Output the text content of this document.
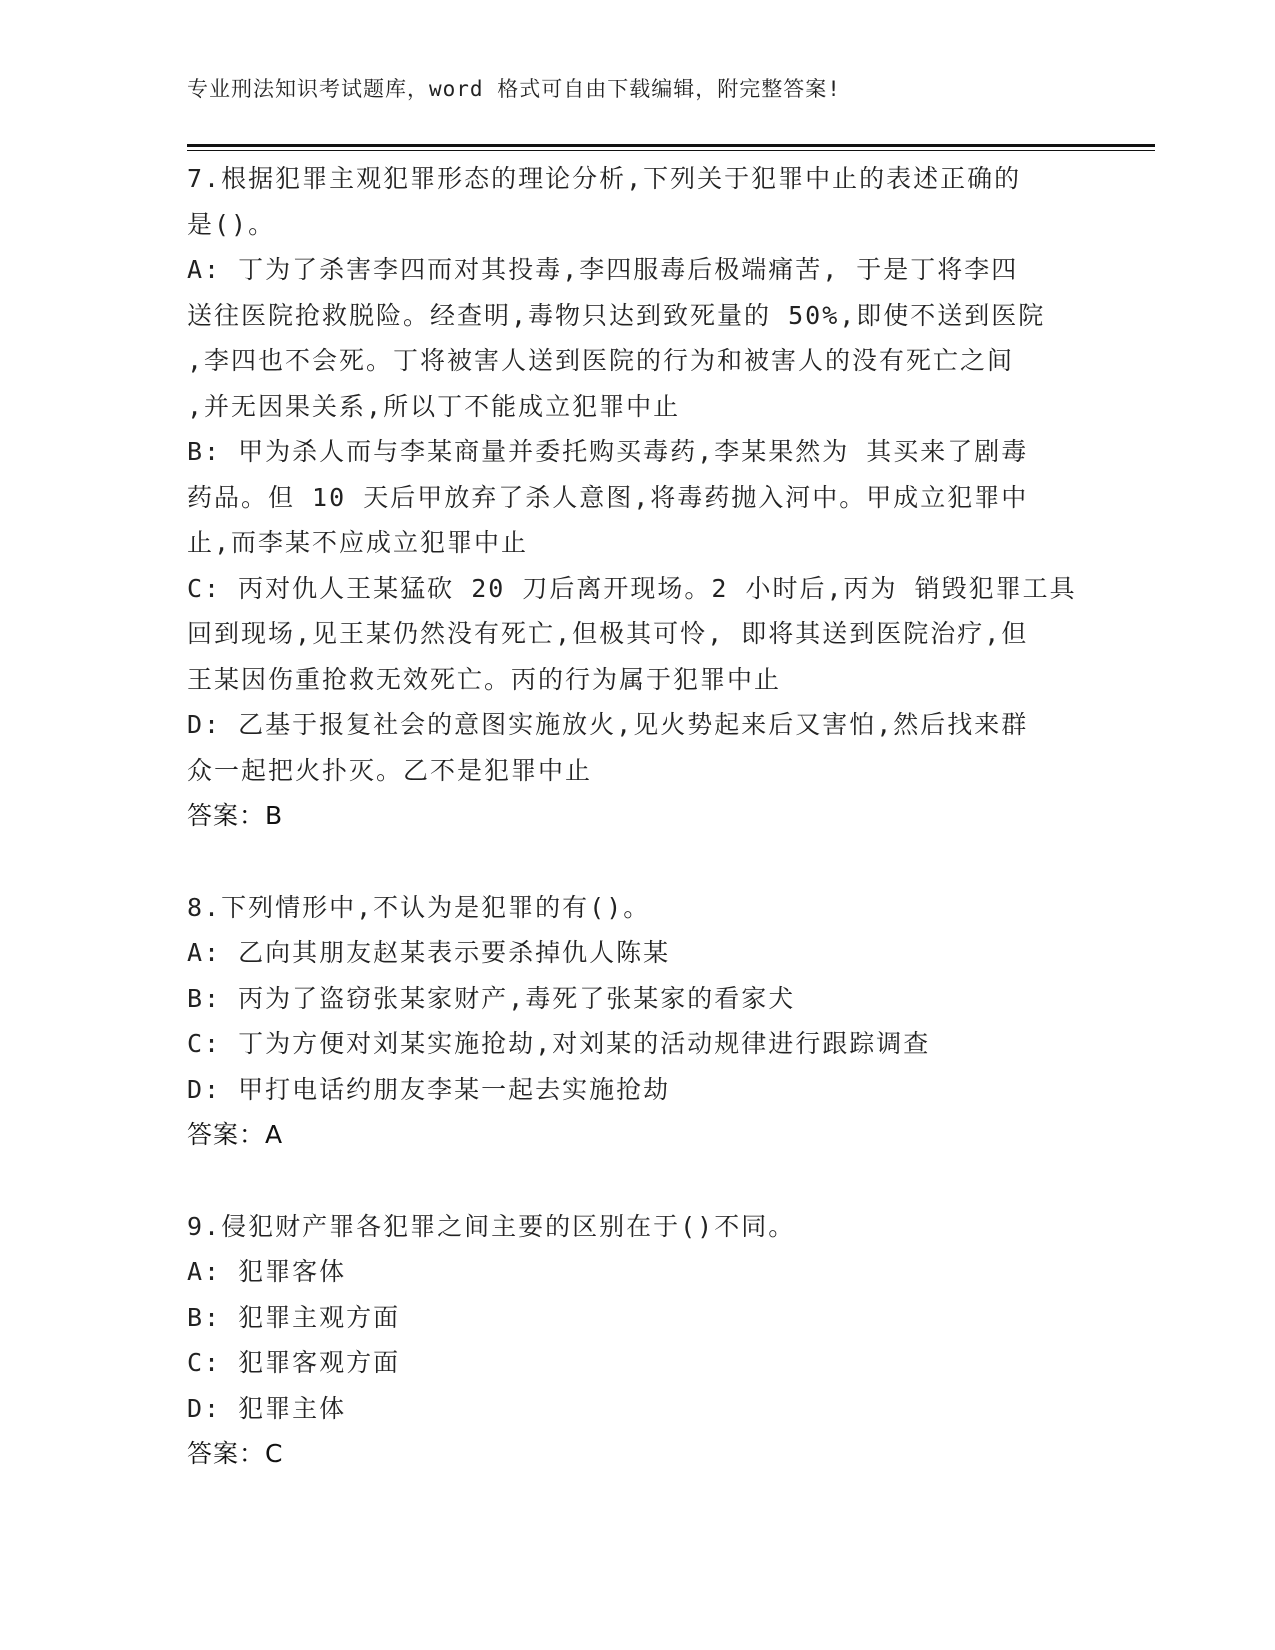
专业刑法知识考试题库，word 格式可自由下载编辑，附完整答案!
7.根据犯罪主观犯罪形态的理论分析,下列关于犯罪中止的表述正确的
是()。
A: 丁为了杀害李四而对其投毒,李四服毒后极端痛苦, 于是丁将李四
送往医院抢救脱险。经查明,毒物只达到致死量的 50%,即使不送到医院
,李四也不会死。丁将被害人送到医院的行为和被害人的没有死亡之间
,并无因果关系,所以丁不能成立犯罪中止
B: 甲为杀人而与李某商量并委托购买毒药,李某果然为 其买来了剧毒
药品。但 10 天后甲放弃了杀人意图,将毒药抛入河中。甲成立犯罪中
止,而李某不应成立犯罪中止
C: 丙对仇人王某猛砍 20 刀后离开现场。2 小时后,丙为 销毁犯罪工具
回到现场,见王某仍然没有死亡,但极其可怜, 即将其送到医院治疗,但
王某因伤重抢救无效死亡。丙的行为属于犯罪中止
D: 乙基于报复社会的意图实施放火,见火势起来后又害怕,然后找来群
众一起把火扑灭。乙不是犯罪中止
答案：B
8.下列情形中,不认为是犯罪的有()。
A: 乙向其朋友赵某表示要杀掉仇人陈某
B: 丙为了盗窃张某家财产,毒死了张某家的看家犬
C: 丁为方便对刘某实施抢劫,对刘某的活动规律进行跟踪调查
D: 甲打电话约朋友李某一起去实施抢劫
答案：A
9.侵犯财产罪各犯罪之间主要的区别在于()不同。
A: 犯罪客体
B: 犯罪主观方面
C: 犯罪客观方面
D: 犯罪主体
答案：C
